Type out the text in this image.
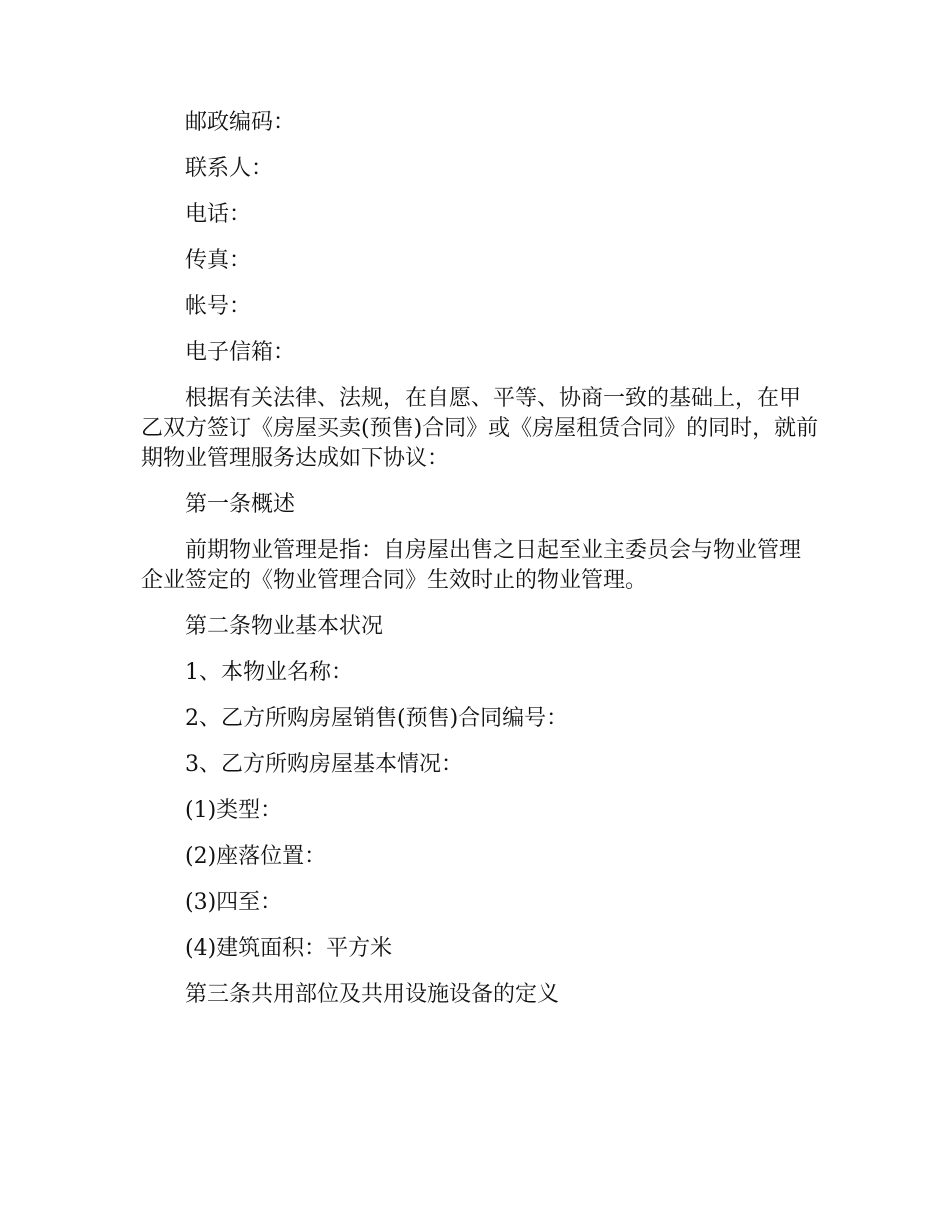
邮政编码：

联系人：

电话：

传真：

帐号：

电子信箱：

根据有关法律、法规，在自愿、平等、协商一致的基础上，在甲乙双方签订《房屋买卖(预售)合同》或《房屋租赁合同》的同时，就前期物业管理服务达成如下协议：

第一条概述

前期物业管理是指：自房屋出售之日起至业主委员会与物业管理企业签定的《物业管理合同》生效时止的物业管理。

第二条物业基本状况

1、本物业名称：

2、乙方所购房屋销售(预售)合同编号：

3、乙方所购房屋基本情况：

(1)类型：

(2)座落位置：

(3)四至：

(4)建筑面积：平方米

第三条共用部位及共用设施设备的定义
